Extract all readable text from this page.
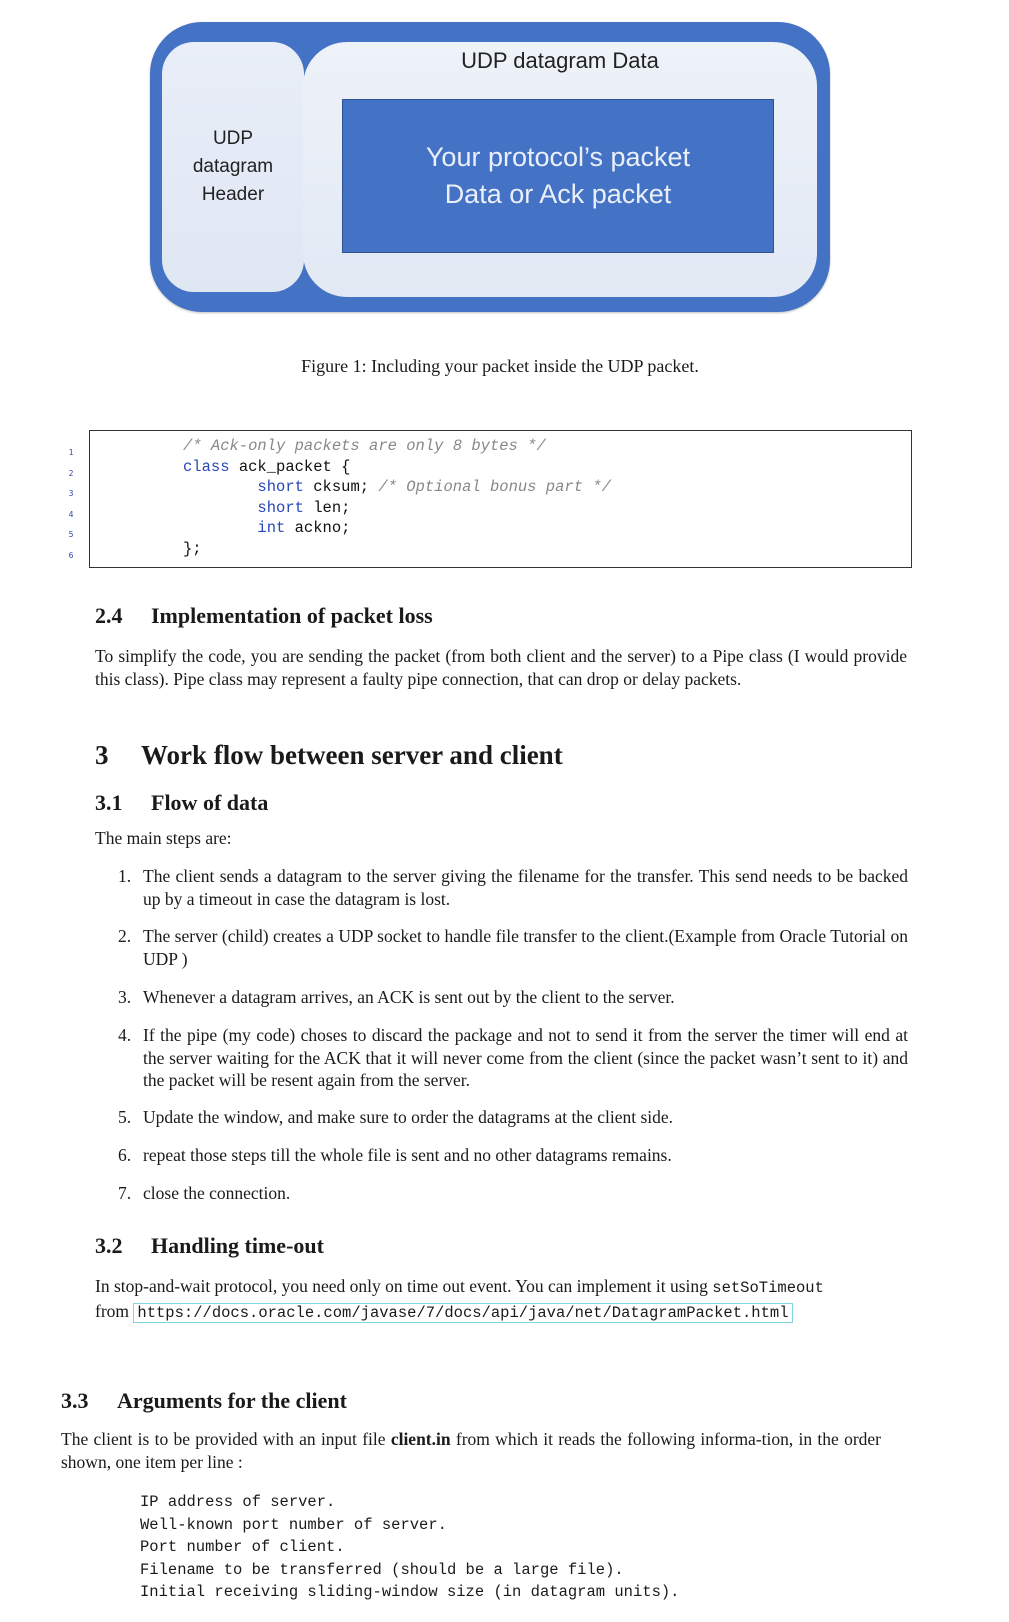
UDP
datagram
Header
UDP datagram Data
Your protocol’s packet
Data or Ack packet
Figure 1: Including your packet inside the UDP packet.
1
2
3
4
5
6
/* Ack-only packets are only 8 bytes */
class ack_packet {
short cksum; /* Optional bonus part */
short len;
int ackno;
};
2.4 Implementation of packet loss
To simplify the code, you are sending the packet (from both client and the server) to a Pipe class (I would provide this class). Pipe class may represent a faulty pipe connection, that can drop or delay packets.
3 Work flow between server and client
3.1 Flow of data
The main steps are:
1. The client sends a datagram to the server giving the filename for the transfer. This send needs to be backed up by a timeout in case the datagram is lost.
2. The server (child) creates a UDP socket to handle file transfer to the client.(Example from Oracle Tutorial on UDP )
3. Whenever a datagram arrives, an ACK is sent out by the client to the server.
4. If the pipe (my code) choses to discard the package and not to send it from the server the timer will end at the server waiting for the ACK that it will never come from the client (since the packet wasn’t sent to it) and the packet will be resent again from the server.
5. Update the window, and make sure to order the datagrams at the client side.
6. repeat those steps till the whole file is sent and no other datagrams remains.
7. close the connection.
3.2 Handling time-out
In stop-and-wait protocol, you need only on time out event. You can implement it using setSoTimeout
from https://docs.oracle.com/javase/7/docs/api/java/net/DatagramPacket.html
3.3 Arguments for the client
The client is to be provided with an input file client.in from which it reads the following informa-tion, in the order shown, one item per line :
IP address of server.
Well-known port number of server.
Port number of client.
Filename to be transferred (should be a large file).
Initial receiving sliding-window size (in datagram units).
